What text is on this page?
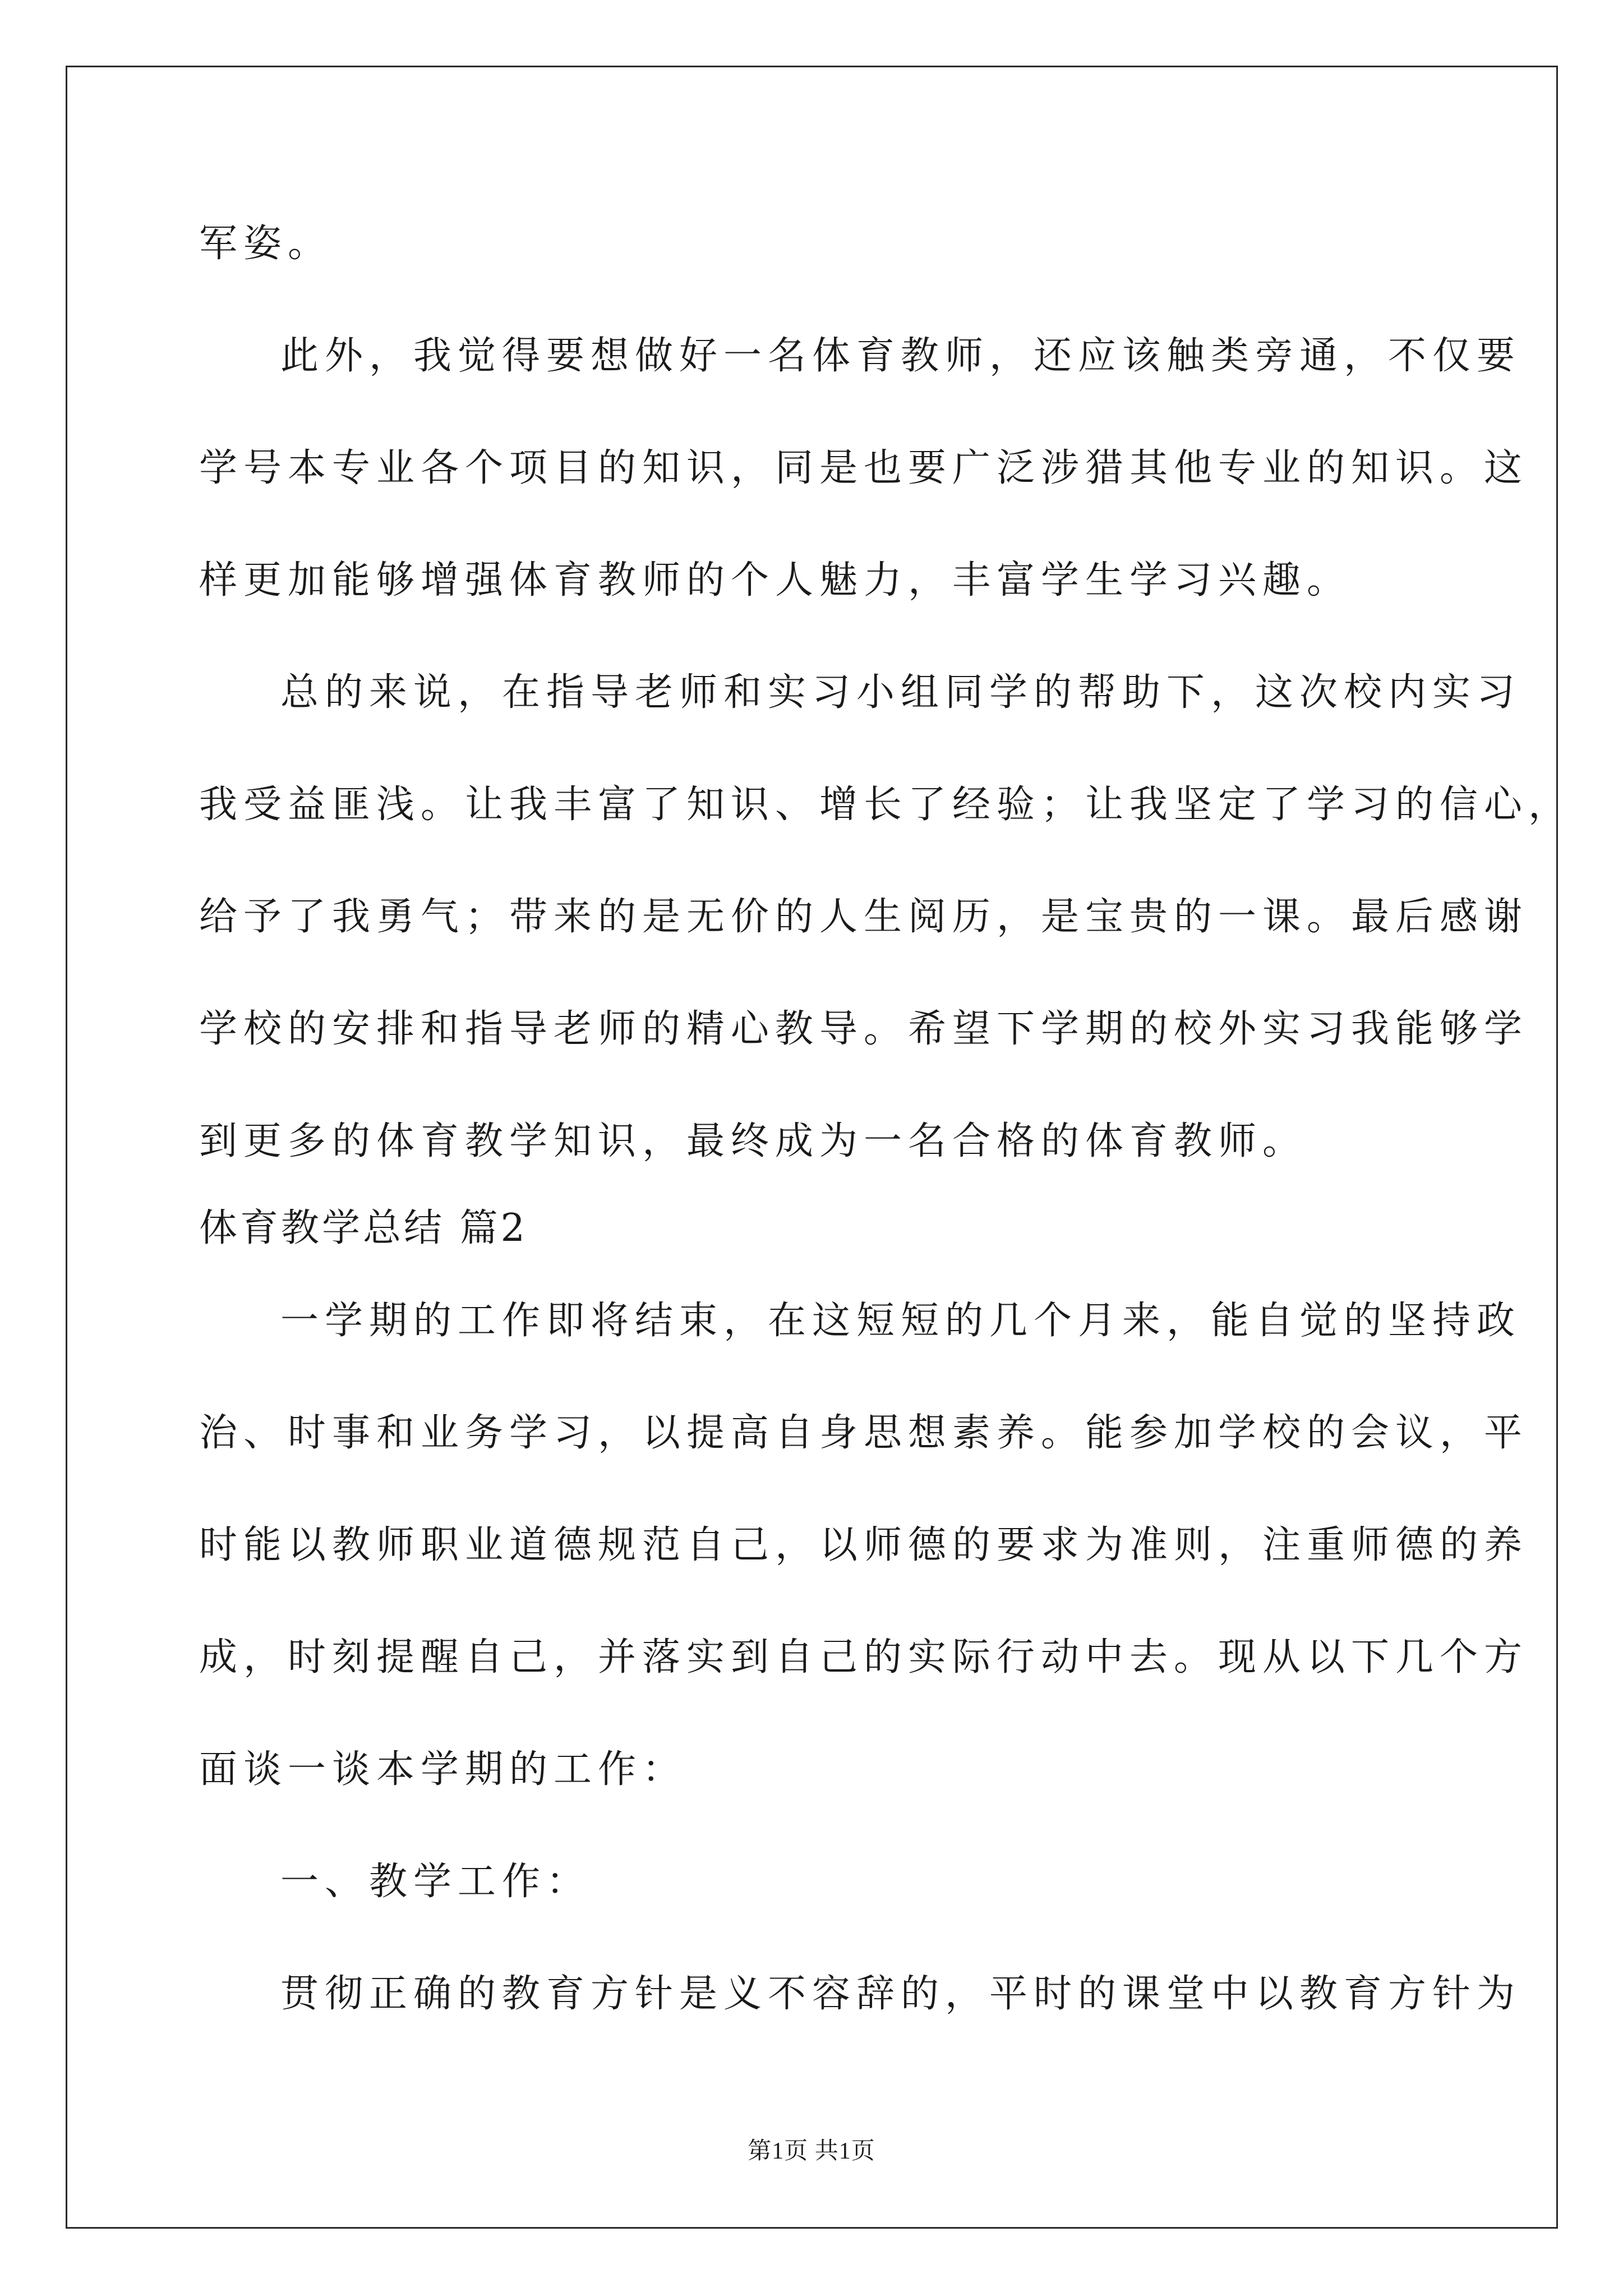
军姿。
此外，我觉得要想做好一名体育教师，还应该触类旁通，不仅要
学号本专业各个项目的知识，同是也要广泛涉猎其他专业的知识。这
样更加能够增强体育教师的个人魅力，丰富学生学习兴趣。
总的来说，在指导老师和实习小组同学的帮助下，这次校内实习
我受益匪浅。让我丰富了知识、增长了经验；让我坚定了学习的信心，
给予了我勇气；带来的是无价的人生阅历，是宝贵的一课。最后感谢
学校的安排和指导老师的精心教导。希望下学期的校外实习我能够学
到更多的体育教学知识，最终成为一名合格的体育教师。
体育教学总结 篇2
一学期的工作即将结束，在这短短的几个月来，能自觉的坚持政
治、时事和业务学习，以提高自身思想素养。能参加学校的会议，平
时能以教师职业道德规范自己，以师德的要求为准则，注重师德的养
成，时刻提醒自己，并落实到自己的实际行动中去。现从以下几个方
面谈一谈本学期的工作：
一、教学工作：
贯彻正确的教育方针是义不容辞的，平时的课堂中以教育方针为
第1页 共1页
